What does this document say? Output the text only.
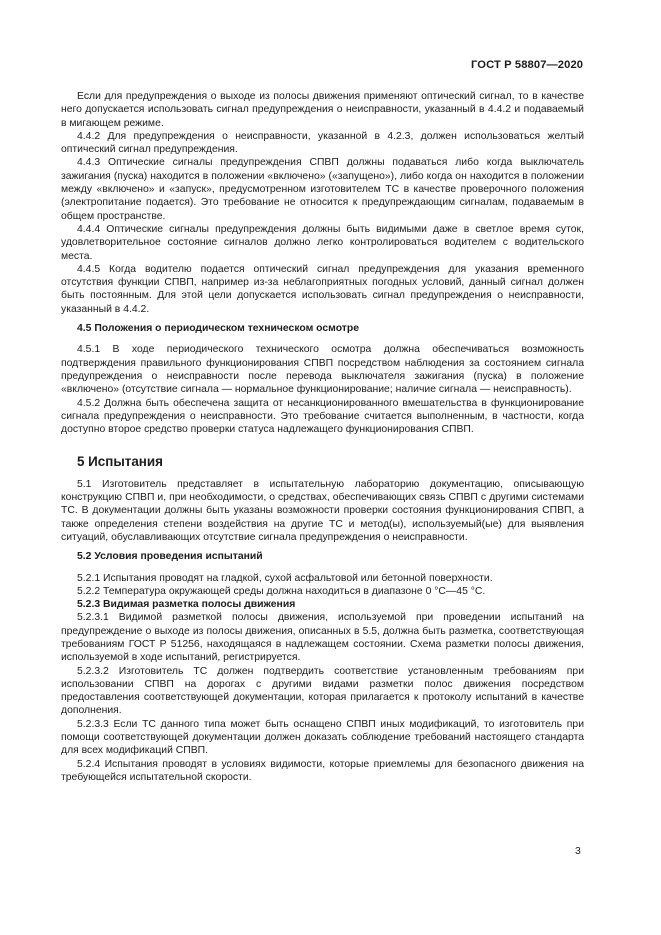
ГОСТ Р 58807—2020

Если для предупреждения о выходе из полосы движения применяют оптический сигнал, то в качестве него допускается использовать сигнал предупреждения о неисправности, указанный в 4.4.2 и подаваемый в мигающем режиме.

4.4.2 Для предупреждения о неисправности, указанной в 4.2.3, должен использоваться желтый оптический сигнал предупреждения.

4.4.3 Оптические сигналы предупреждения СПВП должны подаваться либо когда выключатель зажигания (пуска) находится в положении «включено» («запущено»), либо когда он находится в положении между «включено» и «запуск», предусмотренном изготовителем ТС в качестве проверочного положения (электропитание подается). Это требование не относится к предупреждающим сигналам, подаваемым в общем пространстве.

4.4.4 Оптические сигналы предупреждения должны быть видимыми даже в светлое время суток, удовлетворительное состояние сигналов должно легко контролироваться водителем с водительского места.

4.4.5 Когда водителю подается оптический сигнал предупреждения для указания временного отсутствия функции СПВП, например из-за неблагоприятных погодных условий, данный сигнал должен быть постоянным. Для этой цели допускается использовать сигнал предупреждения о неисправности, указанный в 4.4.2.

4.5 Положения о периодическом техническом осмотре

4.5.1 В ходе периодического технического осмотра должна обеспечиваться возможность подтверждения правильного функционирования СПВП посредством наблюдения за состоянием сигнала предупреждения о неисправности после перевода выключателя зажигания (пуска) в положение «включено» (отсутствие сигнала — нормальное функционирование; наличие сигнала — неисправность).

4.5.2 Должна быть обеспечена защита от несанкционированного вмешательства в функционирование сигнала предупреждения о неисправности. Это требование считается выполненным, в частности, когда доступно второе средство проверки статуса надлежащего функционирования СПВП.

5 Испытания

5.1 Изготовитель представляет в испытательную лабораторию документацию, описывающую конструкцию СПВП и, при необходимости, о средствах, обеспечивающих связь СПВП с другими системами ТС. В документации должны быть указаны возможности проверки состояния функционирования СПВП, а также определения степени воздействия на другие ТС и метод(ы), используемый(ые) для выявления ситуаций, обуславливающих отсутствие сигнала предупреждения о неисправности.

5.2 Условия проведения испытаний

5.2.1 Испытания проводят на гладкой, сухой асфальтовой или бетонной поверхности.

5.2.2 Температура окружающей среды должна находиться в диапазоне 0 °С—45 °С.

5.2.3 Видимая разметка полосы движения

5.2.3.1 Видимой разметкой полосы движения, используемой при проведении испытаний на предупреждение о выходе из полосы движения, описанных в 5.5, должна быть разметка, соответствующая требованиям ГОСТ Р 51256, находящаяся в надлежащем состоянии. Схема разметки полосы движения, используемой в ходе испытаний, регистрируется.

5.2.3.2 Изготовитель ТС должен подтвердить соответствие установленным требованиям при использовании СПВП на дорогах с другими видами разметки полос движения посредством предоставления соответствующей документации, которая прилагается к протоколу испытаний в качестве дополнения.

5.2.3.3 Если ТС данного типа может быть оснащено СПВП иных модификаций, то изготовитель при помощи соответствующей документации должен доказать соблюдение требований настоящего стандарта для всех модификаций СПВП.

5.2.4 Испытания проводят в условиях видимости, которые приемлемы для безопасного движения на требующейся испытательной скорости.

3
